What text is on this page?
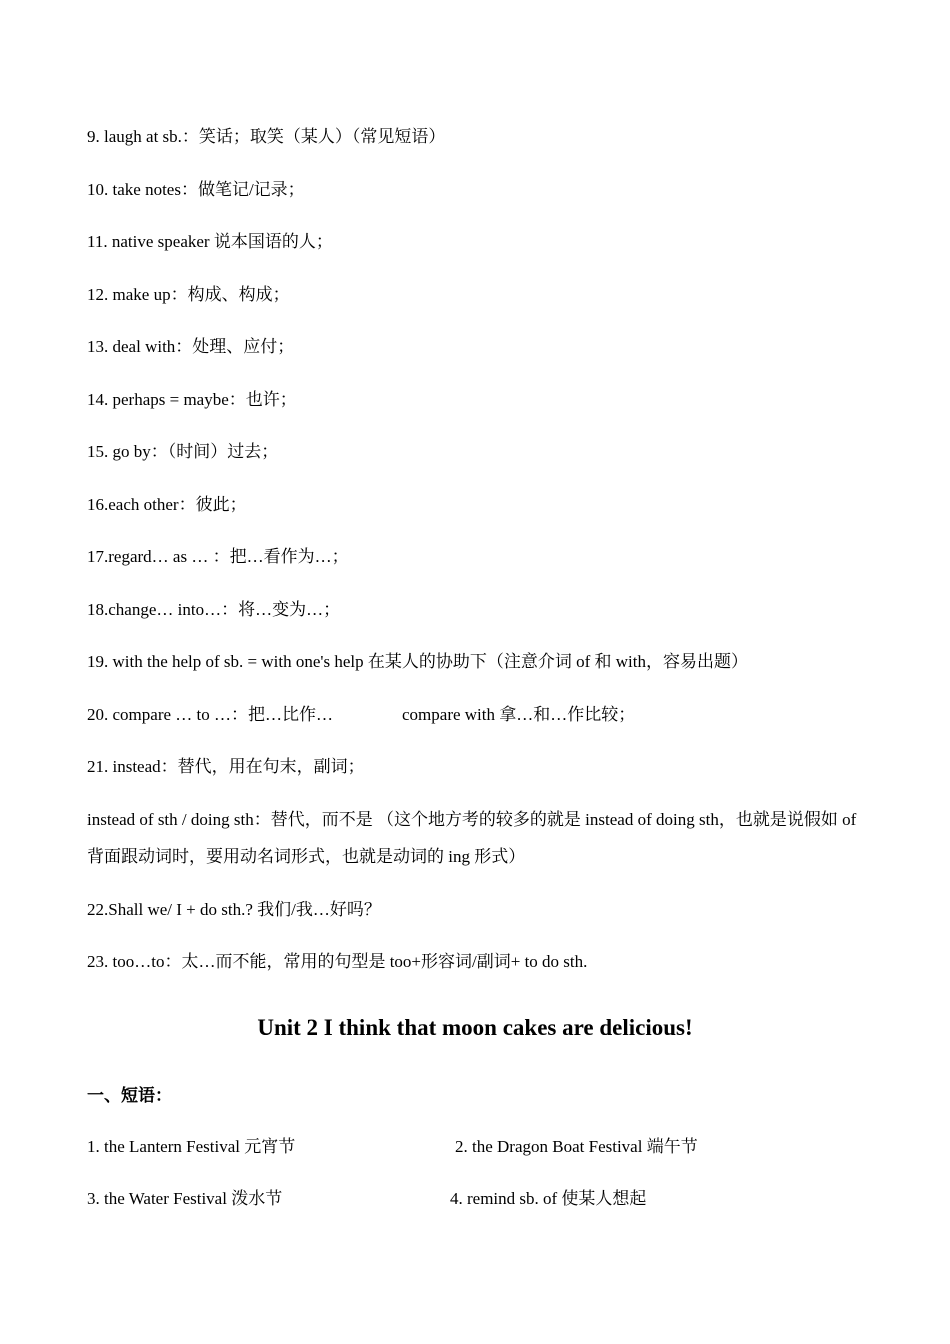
9. laugh at sb.：笑话；取笑（某人）（常见短语）
10. take notes：做笔记/记录；
11. native speaker 说本国语的人；
12. make up：构成、构成；
13. deal with：处理、应付；
14. perhaps = maybe：也许；
15. go by：（时间）过去；
16.each other：彼此；
17.regard… as … ：把…看作为…；
18.change… into…：将…变为…；
19. with the help of sb. = with one's help 在某人的协助下（注意介词 of 和 with，容易出题）
20. compare … to …：把…比作…	compare with 拿…和…作比较；
21. instead：替代，用在句末，副词；
instead of sth / doing sth：替代，而不是 （这个地方考的较多的就是 instead of doing sth，也就是说假如 of 背面跟动词时，要用动名词形式，也就是动词的 ing 形式）
22.Shall we/ I + do sth.? 我们/我…好吗？
23. too…to：太…而不能，常用的句型是 too+形容词/副词+ to do sth.
Unit 2 I think that moon cakes are delicious!
一、短语：
1. the Lantern Festival 元宵节	2. the Dragon Boat Festival 端午节
3. the Water Festival 泼水节	4. remind sb. of 使某人想起
